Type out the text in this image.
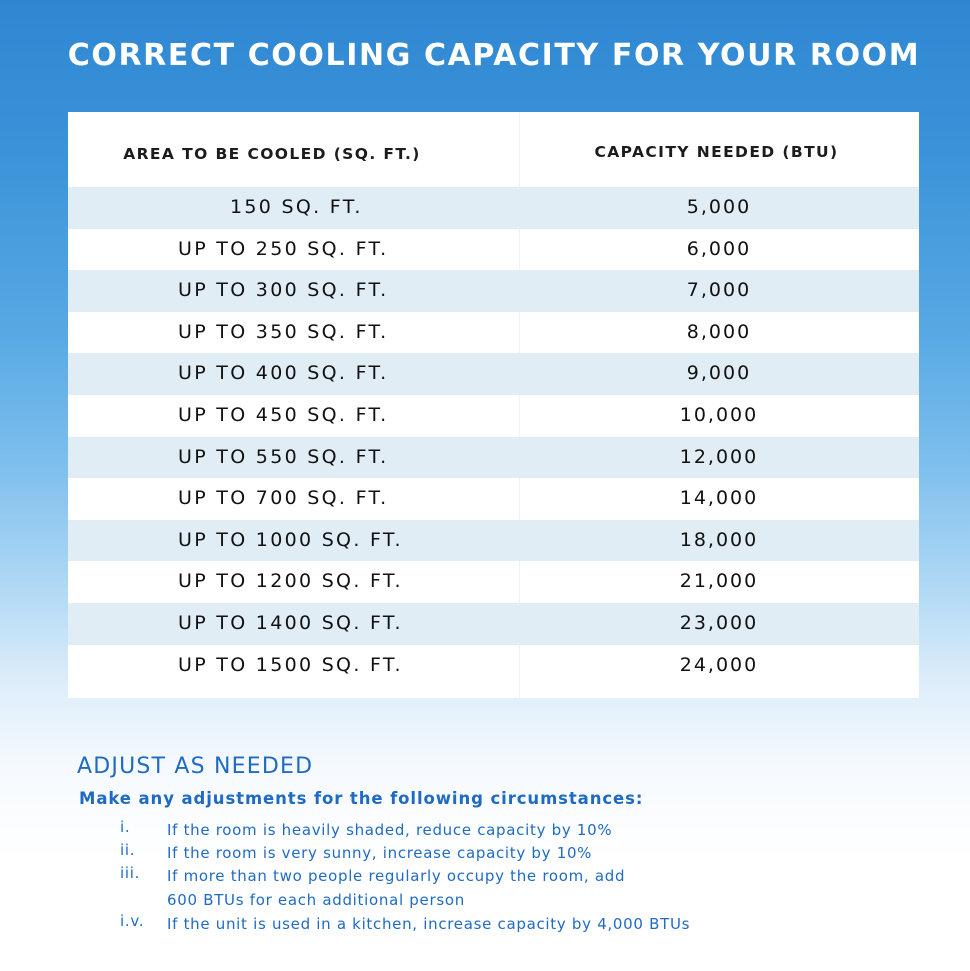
CORRECT COOLING CAPACITY FOR YOUR ROOM
AREA TO BE COOLED (SQ. FT.)	CAPACITY NEEDED (BTU)
150 SQ. FT.	5,000
UP TO 250 SQ. FT.	6,000
UP TO 300 SQ. FT.	7,000
UP TO 350 SQ. FT.	8,000
UP TO 400 SQ. FT.	9,000
UP TO 450 SQ. FT.	10,000
UP TO 550 SQ. FT.	12,000
UP TO 700 SQ. FT.	14,000
UP TO 1000 SQ. FT.	18,000
UP TO 1200 SQ. FT.	21,000
UP TO 1400 SQ. FT.	23,000
UP TO 1500 SQ. FT.	24,000
ADJUST AS NEEDED
Make any adjustments for the following circumstances:
i. If the room is heavily shaded, reduce capacity by 10%
ii. If the room is very sunny, increase capacity by 10%
iii. If more than two people regularly occupy the room, add
600 BTUs for each additional person
i.v. If the unit is used in a kitchen, increase capacity by 4,000 BTUs
